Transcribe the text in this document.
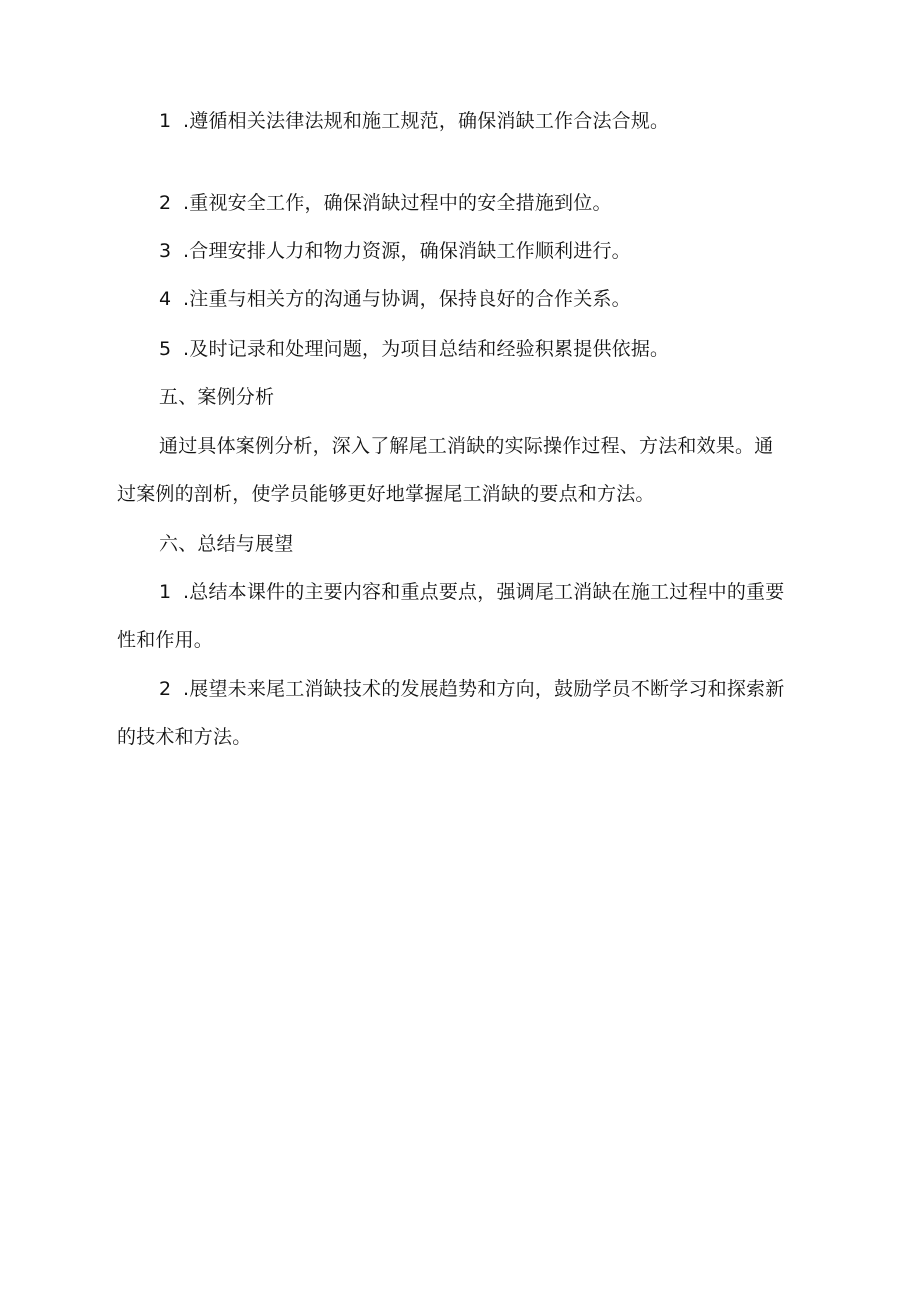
1 .遵循相关法律法规和施工规范，确保消缺工作合法合规。
2 .重视安全工作，确保消缺过程中的安全措施到位。
3 .合理安排人力和物力资源，确保消缺工作顺利进行。
4 .注重与相关方的沟通与协调，保持良好的合作关系。
5 .及时记录和处理问题，为项目总结和经验积累提供依据。
五、案例分析
通过具体案例分析，深入了解尾工消缺的实际操作过程、方法和效果。通
过案例的剖析，使学员能够更好地掌握尾工消缺的要点和方法。
六、总结与展望
1 .总结本课件的主要内容和重点要点，强调尾工消缺在施工过程中的重要
性和作用。
2 .展望未来尾工消缺技术的发展趋势和方向，鼓励学员不断学习和探索新
的技术和方法。
